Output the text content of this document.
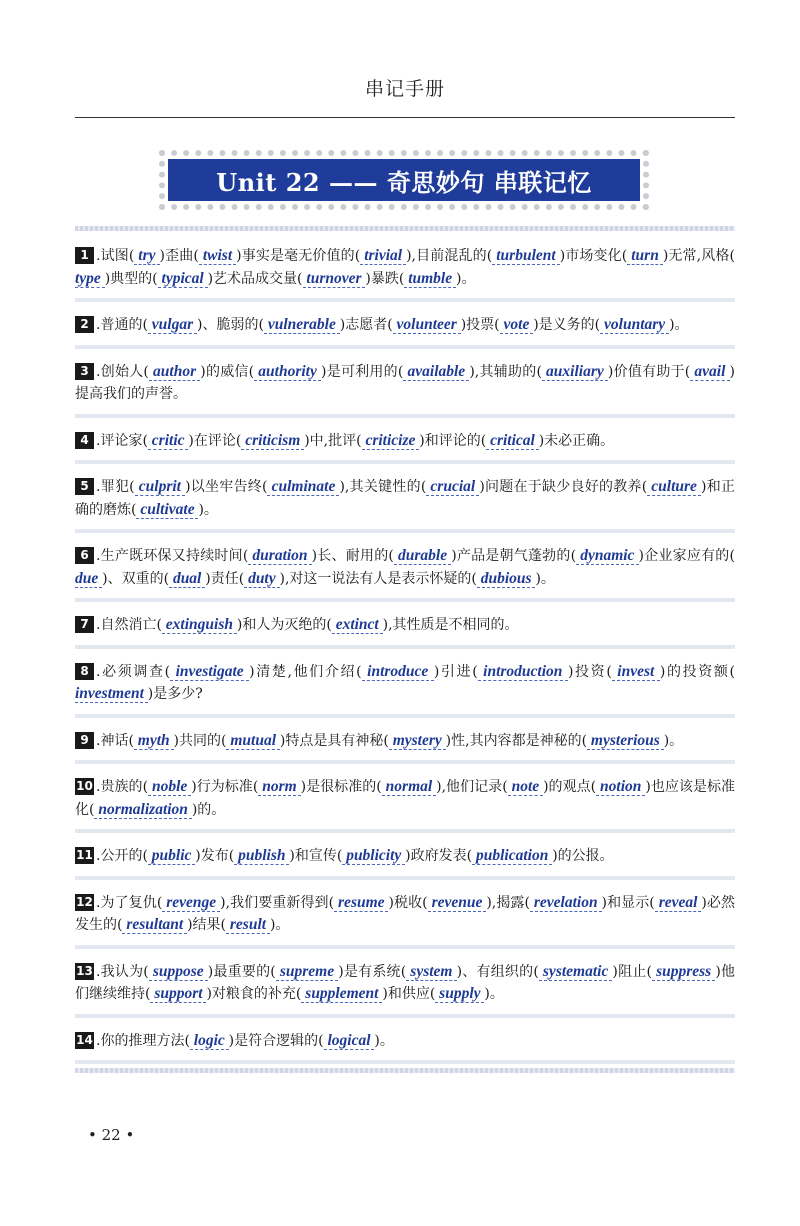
串记手册
Unit 22 —— 奇思妙句 串联记忆
1 .试图( try )歪曲( twist )事实是毫无价值的( trivial ),目前混乱的( turbulent )市场变化( turn )无常,风格( type )典型的( typical )艺术品成交量( turnover )暴跌( tumble )。
2 .普通的( vulgar )、脆弱的( vulnerable )志愿者( volunteer )投票( vote )是义务的( voluntary )。
3 .创始人( author )的威信( authority )是可利用的( available ),其辅助的( auxiliary )价值有助于( avail )提高我们的声誉。
4 .评论家( critic )在评论( criticism )中,批评( criticize )和评论的( critical )未必正确。
5 .罪犯( culprit )以坐牢告终( culminate ),其关键性的( crucial )问题在于缺少良好的教养( culture )和正确的磨炼( cultivate )。
6 .生产既环保又持续时间( duration )长、耐用的( durable )产品是朝气蓬勃的( dynamic )企业家应有的( due )、双重的( dual )责任( duty ),对这一说法有人是表示怀疑的( dubious )。
7 .自然消亡( extinguish )和人为灭绝的( extinct ),其性质是不相同的。
8 .必须调查( investigate )清楚,他们介绍( introduce )引进( introduction )投资( invest )的投资额( investment )是多少?
9 .神话( myth )共同的( mutual )特点是具有神秘( mystery )性,其内容都是神秘的( mysterious )。
10 .贵族的( noble )行为标准( norm )是很标准的( normal ),他们记录( note )的观点( notion )也应该是标准化( normalization )的。
11 .公开的( public )发布( publish )和宣传( publicity )政府发表( publication )的公报。
12 .为了复仇( revenge ),我们要重新得到( resume )税收( revenue ),揭露( revelation )和显示( reveal )必然发生的( resultant )结果( result )。
13 .我认为( suppose )最重要的( supreme )是有系统( system )、有组织的( systematic )阻止( suppress )他们继续维持( support )对粮食的补充( supplement )和供应( supply )。
14 .你的推理方法( logic )是符合逻辑的( logical )。
• 22 •
